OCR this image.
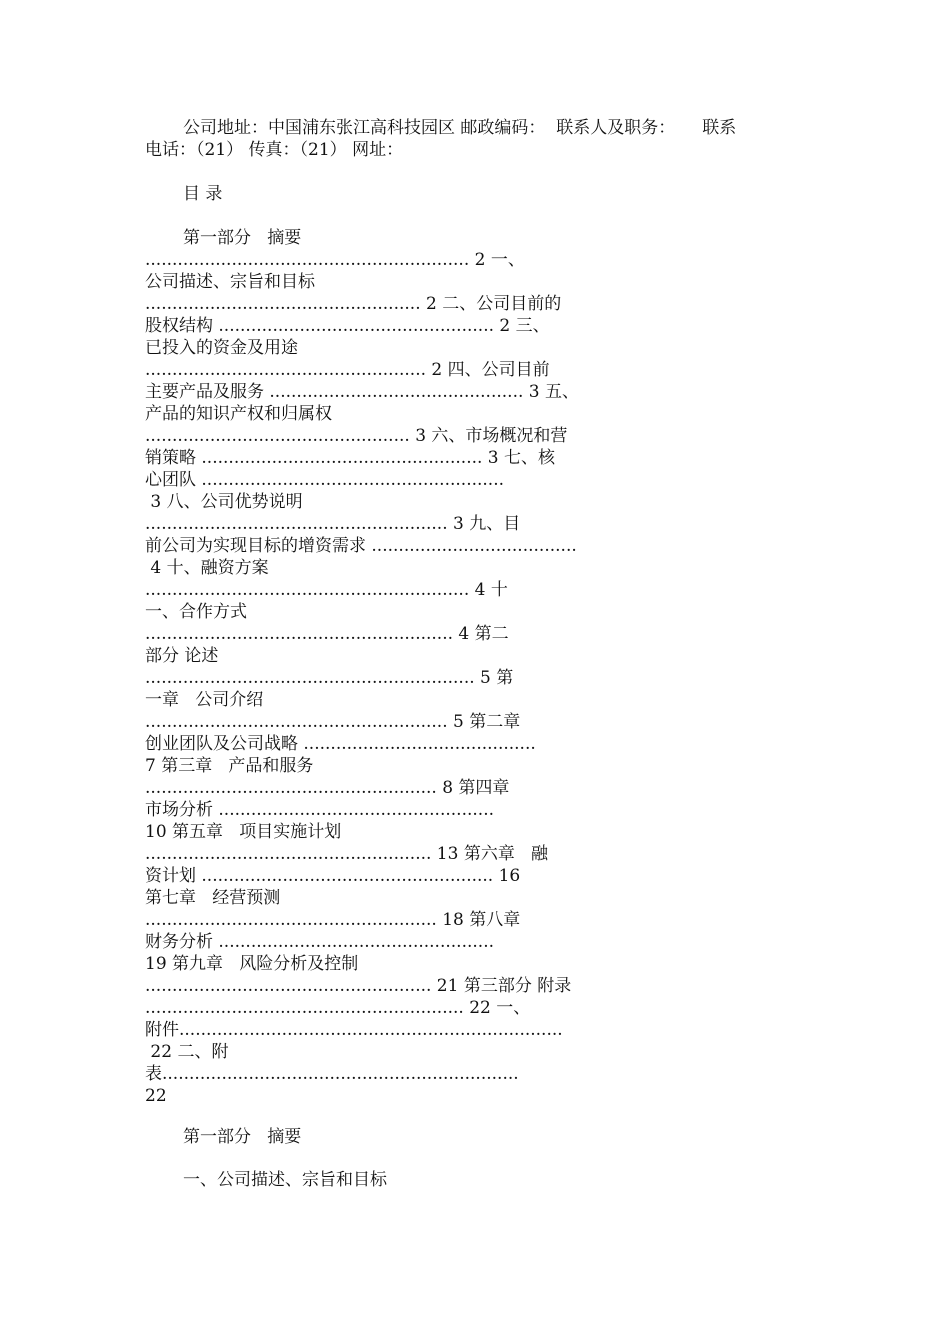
公司地址：中国浦东张江高科技园区 邮政编码：  联系人及职务：     联系
电话：（21） 传真：（21） 网址：
目 录
第一部分   摘要
............................................................ 2 一、
公司描述、宗旨和目标
................................................... 2 二、公司目前的
股权结构 ................................................... 2 三、
已投入的资金及用途
.................................................... 2 四、公司目前
主要产品及服务 ............................................... 3 五、
产品的知识产权和归属权
................................................. 3 六、市场概况和营
销策略 .................................................... 3 七、核
心团队 ........................................................
3 八、公司优势说明
........................................................ 3 九、目
前公司为实现目标的增资需求 ......................................
4 十、融资方案
............................................................ 4 十
一、合作方式
......................................................... 4 第二
部分 论述
............................................................. 5 第
一章   公司介绍
........................................................ 5 第二章
创业团队及公司战略 ...........................................
7 第三章   产品和服务
...................................................... 8 第四章
市场分析 ...................................................
10 第五章   项目实施计划
..................................................... 13 第六章   融
资计划 ...................................................... 16
第七章   经营预测
...................................................... 18 第八章
财务分析 ...................................................
19 第九章   风险分析及控制
..................................................... 21 第三部分 附录
........................................................... 22 一、
附件.......................................................................
22 二、附
表..................................................................
22
第一部分   摘要
一、公司描述、宗旨和目标
